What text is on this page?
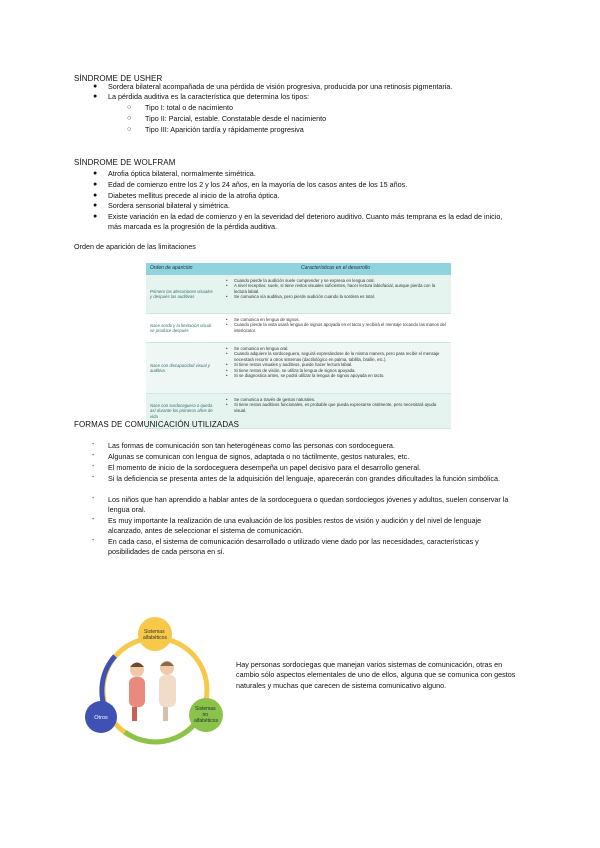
SÍNDROME DE USHER
● Sordera bilateral acompañada de una pérdida de visión progresiva, producida por una retinosis pigmentaria.
● La pérdida auditiva es la característica que determina los tipos:
○ Tipo I: total o de nacimiento
○ Tipo II: Parcial, estable. Constatable desde el nacimiento
○ Tipo III: Aparición tardía y rápidamente progresiva
SÍNDROME DE WOLFRAM
● Atrofia óptica bilateral, normalmente simétrica.
● Edad de comienzo entre los 2 y los 24 años, en la mayoría de los casos antes de los 15 años.
● Diabetes mellitus precede al inicio de la atrofia óptica.
● Sordera sensorial bilateral y simétrica.
● Existe variación en la edad de comienzo y en la severidad del deterioro auditivo. Cuanto más temprana es la edad de inicio, más marcada es la progresión de la pérdida auditiva.
Orden de aparición de las limitaciones
Orden de aparición	Características en el desarrollo
Primero las alteraciones visuales y después las auditivas
• Cuando pierde la audición suele comprender y se expresa en lengua oral.
• A nivel receptivo: suele, si tiene restos visuales suficientes, hacer lectura labiofacial, aunque pierda con la lectura labial.
• Se comunica vía auditiva, pero pierde audición cuando la sordera es total.
Nace sordo y la limitación visual se produce después
• Se comunica en lengua de signos.
• Cuando pierde la vista usará lengua de signos apoyada en el tacto y recibirá el mensaje tocando las manos del interlocutor.
Nace con discapacidad visual y auditiva
• Se comunica en lengua oral.
• Cuando adquiere la sordoceguera, seguirá expresándose de la misma manera, pero para recibir el mensaje necesitará recurrir a otros sistemas (dactilológico en palma, tablilla, braille, etc.).
• Si tiene restos visuales y auditivos, puede hacer lectura labial.
• Si tiene restos de visión, se utiliza la lengua de signos apoyada.
• Si se diagnostica antes, se podrá utilizar la lengua de signos apoyada en tacto.
Nace con sordoceguera o queda así durante los primeros años de vida
• Se comunica a través de gestos naturales.
• Si tiene restos auditivos funcionales, es probable que pueda expresarse oralmente, pero necesitará ayuda visual.
FORMAS DE COMUNICACIÓN UTILIZADAS
- Las formas de comunicación son tan heterogéneas como las personas con sordoceguera.
- Algunas se comunican con lengua de signos, adaptada o no táctilmente, gestos naturales, etc.
- El momento de inicio de la sordoceguera desempeña un papel decisivo para el desarrollo general.
- Si la deficiencia se presenta antes de la adquisición del lenguaje, aparecerán con grandes dificultades la función simbólica.
- Los niños que han aprendido a hablar antes de la sordoceguera o quedan sordociegos jóvenes y adultos, suelen conservar la lengua oral.
- Es muy importante la realización de una evaluación de los posibles restos de visión y audición y del nivel de lenguaje alcanzado, antes de seleccionar el sistema de comunicación.
- En cada caso, el sistema de comunicación desarrollado o utilizado viene dado por las necesidades, características y posibilidades de cada persona en sí.
Sistemas alfabéticos
Sistemas no alfabéticos
Otros
Hay personas sordociegas que manejan varios sistemas de comunicación, otras en cambio sólo aspectos elementales de uno de ellos, alguna que se comunica con gestos naturales y muchas que carecen de sistema comunicativo alguno.
